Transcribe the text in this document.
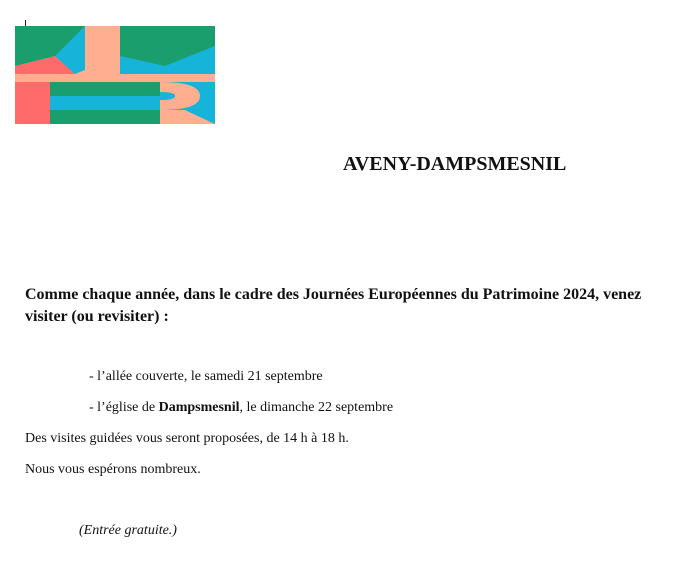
AVENY-DAMPSMESNIL
Comme chaque année, dans le cadre des Journées Européennes du Patrimoine 2024, venez visiter (ou revisiter) :
- l’allée couverte, le samedi 21 septembre
- l’église de Dampsmesnil, le dimanche 22 septembre
Des visites guidées vous seront proposées, de 14 h à 18 h.
Nous vous espérons nombreux.
(Entrée gratuite.)
